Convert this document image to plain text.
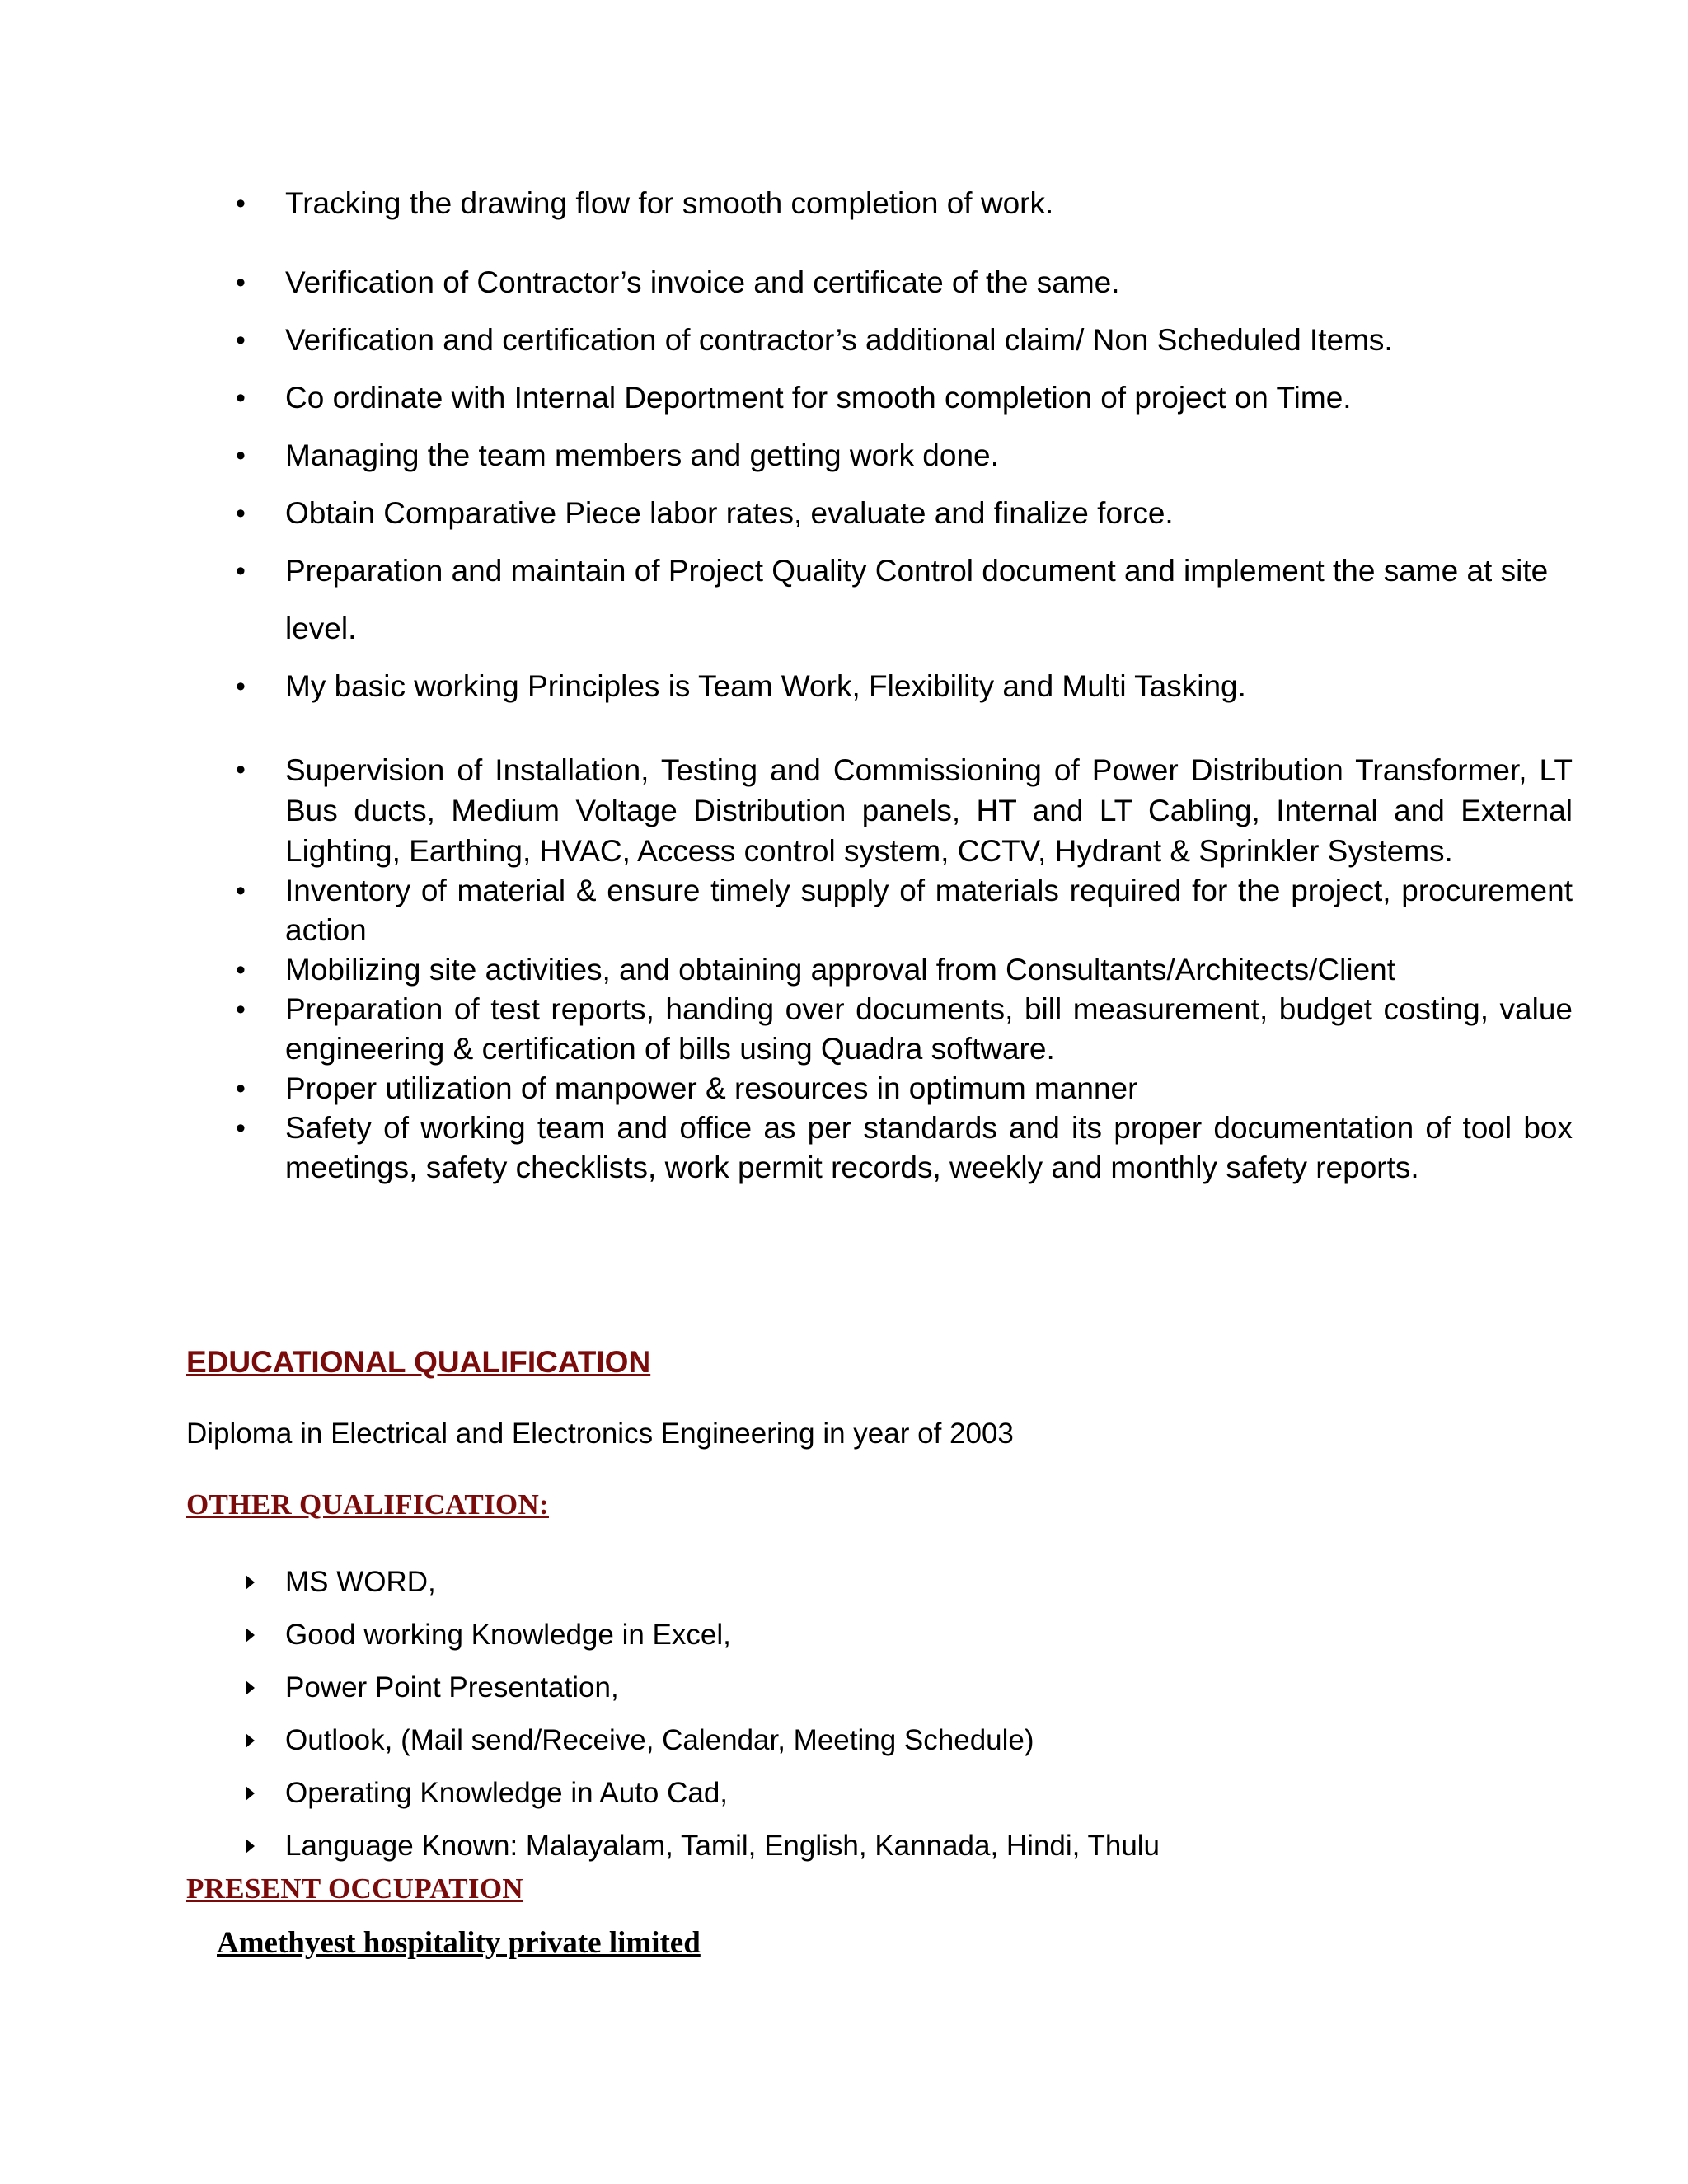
• Tracking the drawing flow for smooth completion of work.
• Verification of Contractor’s invoice and certificate of the same.
• Verification and certification of contractor’s additional claim/ Non Scheduled Items.
• Co ordinate with Internal Deportment for smooth completion of project on Time.
• Managing the team members and getting work done.
• Obtain Comparative Piece labor rates, evaluate and finalize force.
• Preparation and maintain of Project Quality Control document and implement the same at site level.
• My basic working Principles is Team Work, Flexibility and Multi Tasking.
• Supervision of Installation, Testing and Commissioning of Power Distribution Transformer, LT Bus ducts, Medium Voltage Distribution panels, HT and LT Cabling, Internal and External Lighting, Earthing, HVAC, Access control system, CCTV, Hydrant & Sprinkler Systems.
• Inventory of material & ensure timely supply of materials required for the project, procurement action
• Mobilizing site activities, and obtaining approval from Consultants/Architects/Client
• Preparation of test reports, handing over documents, bill measurement, budget costing, value engineering & certification of bills using Quadra software.
• Proper utilization of manpower & resources in optimum manner
• Safety of working team and office as per standards and its proper documentation of tool box meetings, safety checklists, work permit records, weekly and monthly safety reports.
EDUCATIONAL QUALIFICATION
Diploma in Electrical and Electronics Engineering in year of 2003
OTHER QUALIFICATION:
MS WORD,
Good working Knowledge in Excel,
Power Point Presentation,
Outlook, (Mail send/Receive, Calendar, Meeting Schedule)
Operating Knowledge in Auto Cad,
Language Known: Malayalam, Tamil, English, Kannada, Hindi, Thulu
PRESENT OCCUPATION
Amethyest hospitality private limited
